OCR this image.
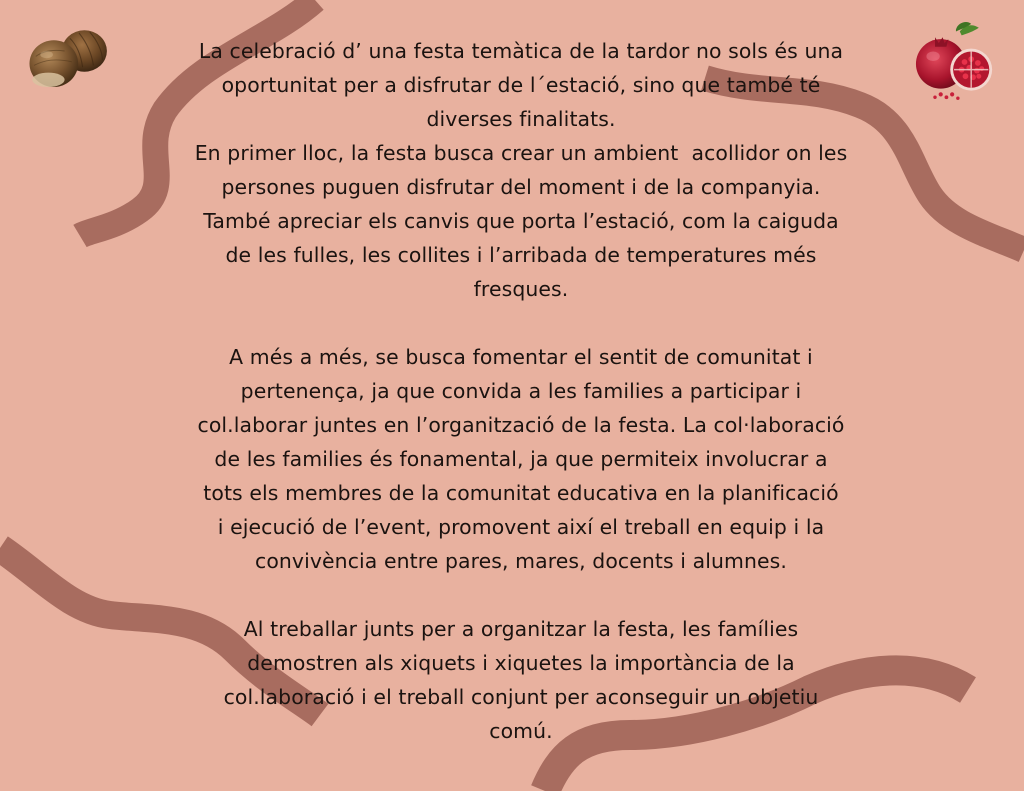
La celebració d’ una festa temàtica de la tardor no sols és una
oportunitat per a disfrutar de l´estació, sino que també té
diverses finalitats.

En primer lloc, la festa busca crear un ambient  acollidor on les
persones puguen disfrutar del moment i de la companyia.
També apreciar els canvis que porta l’estació, com la caiguda
de les fulles, les collites i l’arribada de temperatures més
fresques.

A més a més, se busca fomentar el sentit de comunitat i
pertenença, ja que convida a les families a participar i
col.laborar juntes en l’organització de la festa. La col·laboració
de les families és fonamental, ja que permiteix involucrar a
tots els membres de la comunitat educativa en la planificació
i ejecució de l’event, promovent així el treball en equip i la
convivència entre pares, mares, docents i alumnes.

Al treballar junts per a organitzar la festa, les famílies
demostren als xiquets i xiquetes la importància de la
col.laboració i el treball conjunt per aconseguir un objetiu
comú.
